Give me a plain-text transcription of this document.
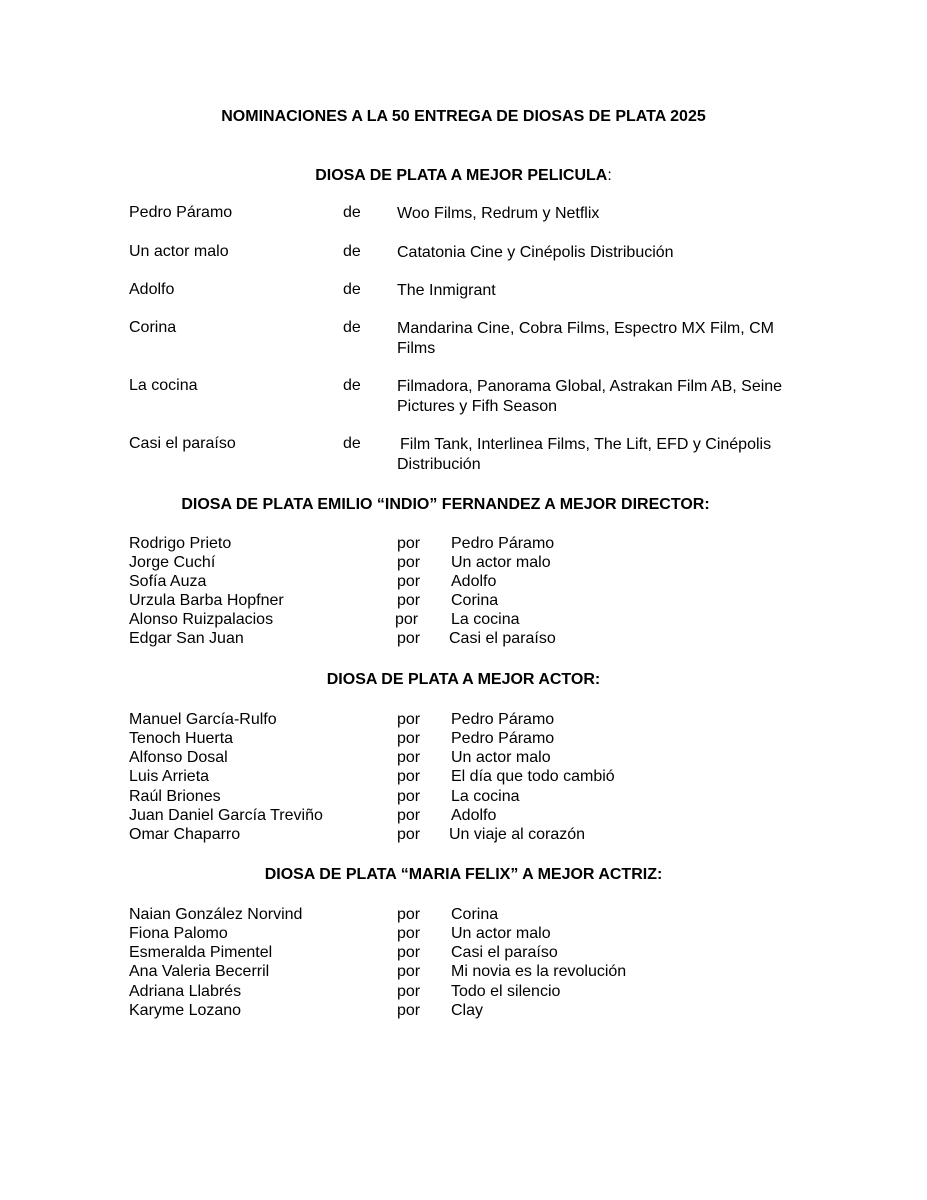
NOMINACIONES A LA 50 ENTREGA DE DIOSAS DE PLATA 2025
DIOSA DE PLATA A MEJOR PELICULA:
Pedro Páramo	de Woo Films, Redrum y Netflix
Un actor malo	de Catatonia Cine y Cinépolis Distribución
Adolfo	de The Inmigrant
Corina	de Mandarina Cine, Cobra Films, Espectro MX Film, CM Films
La cocina	de Filmadora, Panorama Global, Astrakan Film AB, Seine Pictures y Fifh Season
Casi el paraíso	de Film Tank, Interlinea Films, The Lift, EFD y Cinépolis Distribución
DIOSA DE PLATA EMILIO “INDIO” FERNANDEZ A MEJOR DIRECTOR:
Rodrigo Prieto	por Pedro Páramo
Jorge Cuchí	por Un actor malo
Sofía Auza	por Adolfo
Urzula Barba Hopfner	por Corina
Alonso Ruizpalacios	por La cocina
Edgar San Juan	por Casi el paraíso
DIOSA DE PLATA A MEJOR ACTOR:
Manuel García-Rulfo	por Pedro Páramo
Tenoch Huerta	por Pedro Páramo
Alfonso Dosal	por Un actor malo
Luis Arrieta	por El día que todo cambió
Raúl Briones	por La cocina
Juan Daniel García Treviño	por Adolfo
Omar Chaparro	por Un viaje al corazón
DIOSA DE PLATA “MARIA FELIX” A MEJOR ACTRIZ:
Naian González Norvind	por Corina
Fiona Palomo	por Un actor malo
Esmeralda Pimentel	por Casi el paraíso
Ana Valeria Becerril	por Mi novia es la revolución
Adriana Llabrés	por Todo el silencio
Karyme Lozano	por Clay
